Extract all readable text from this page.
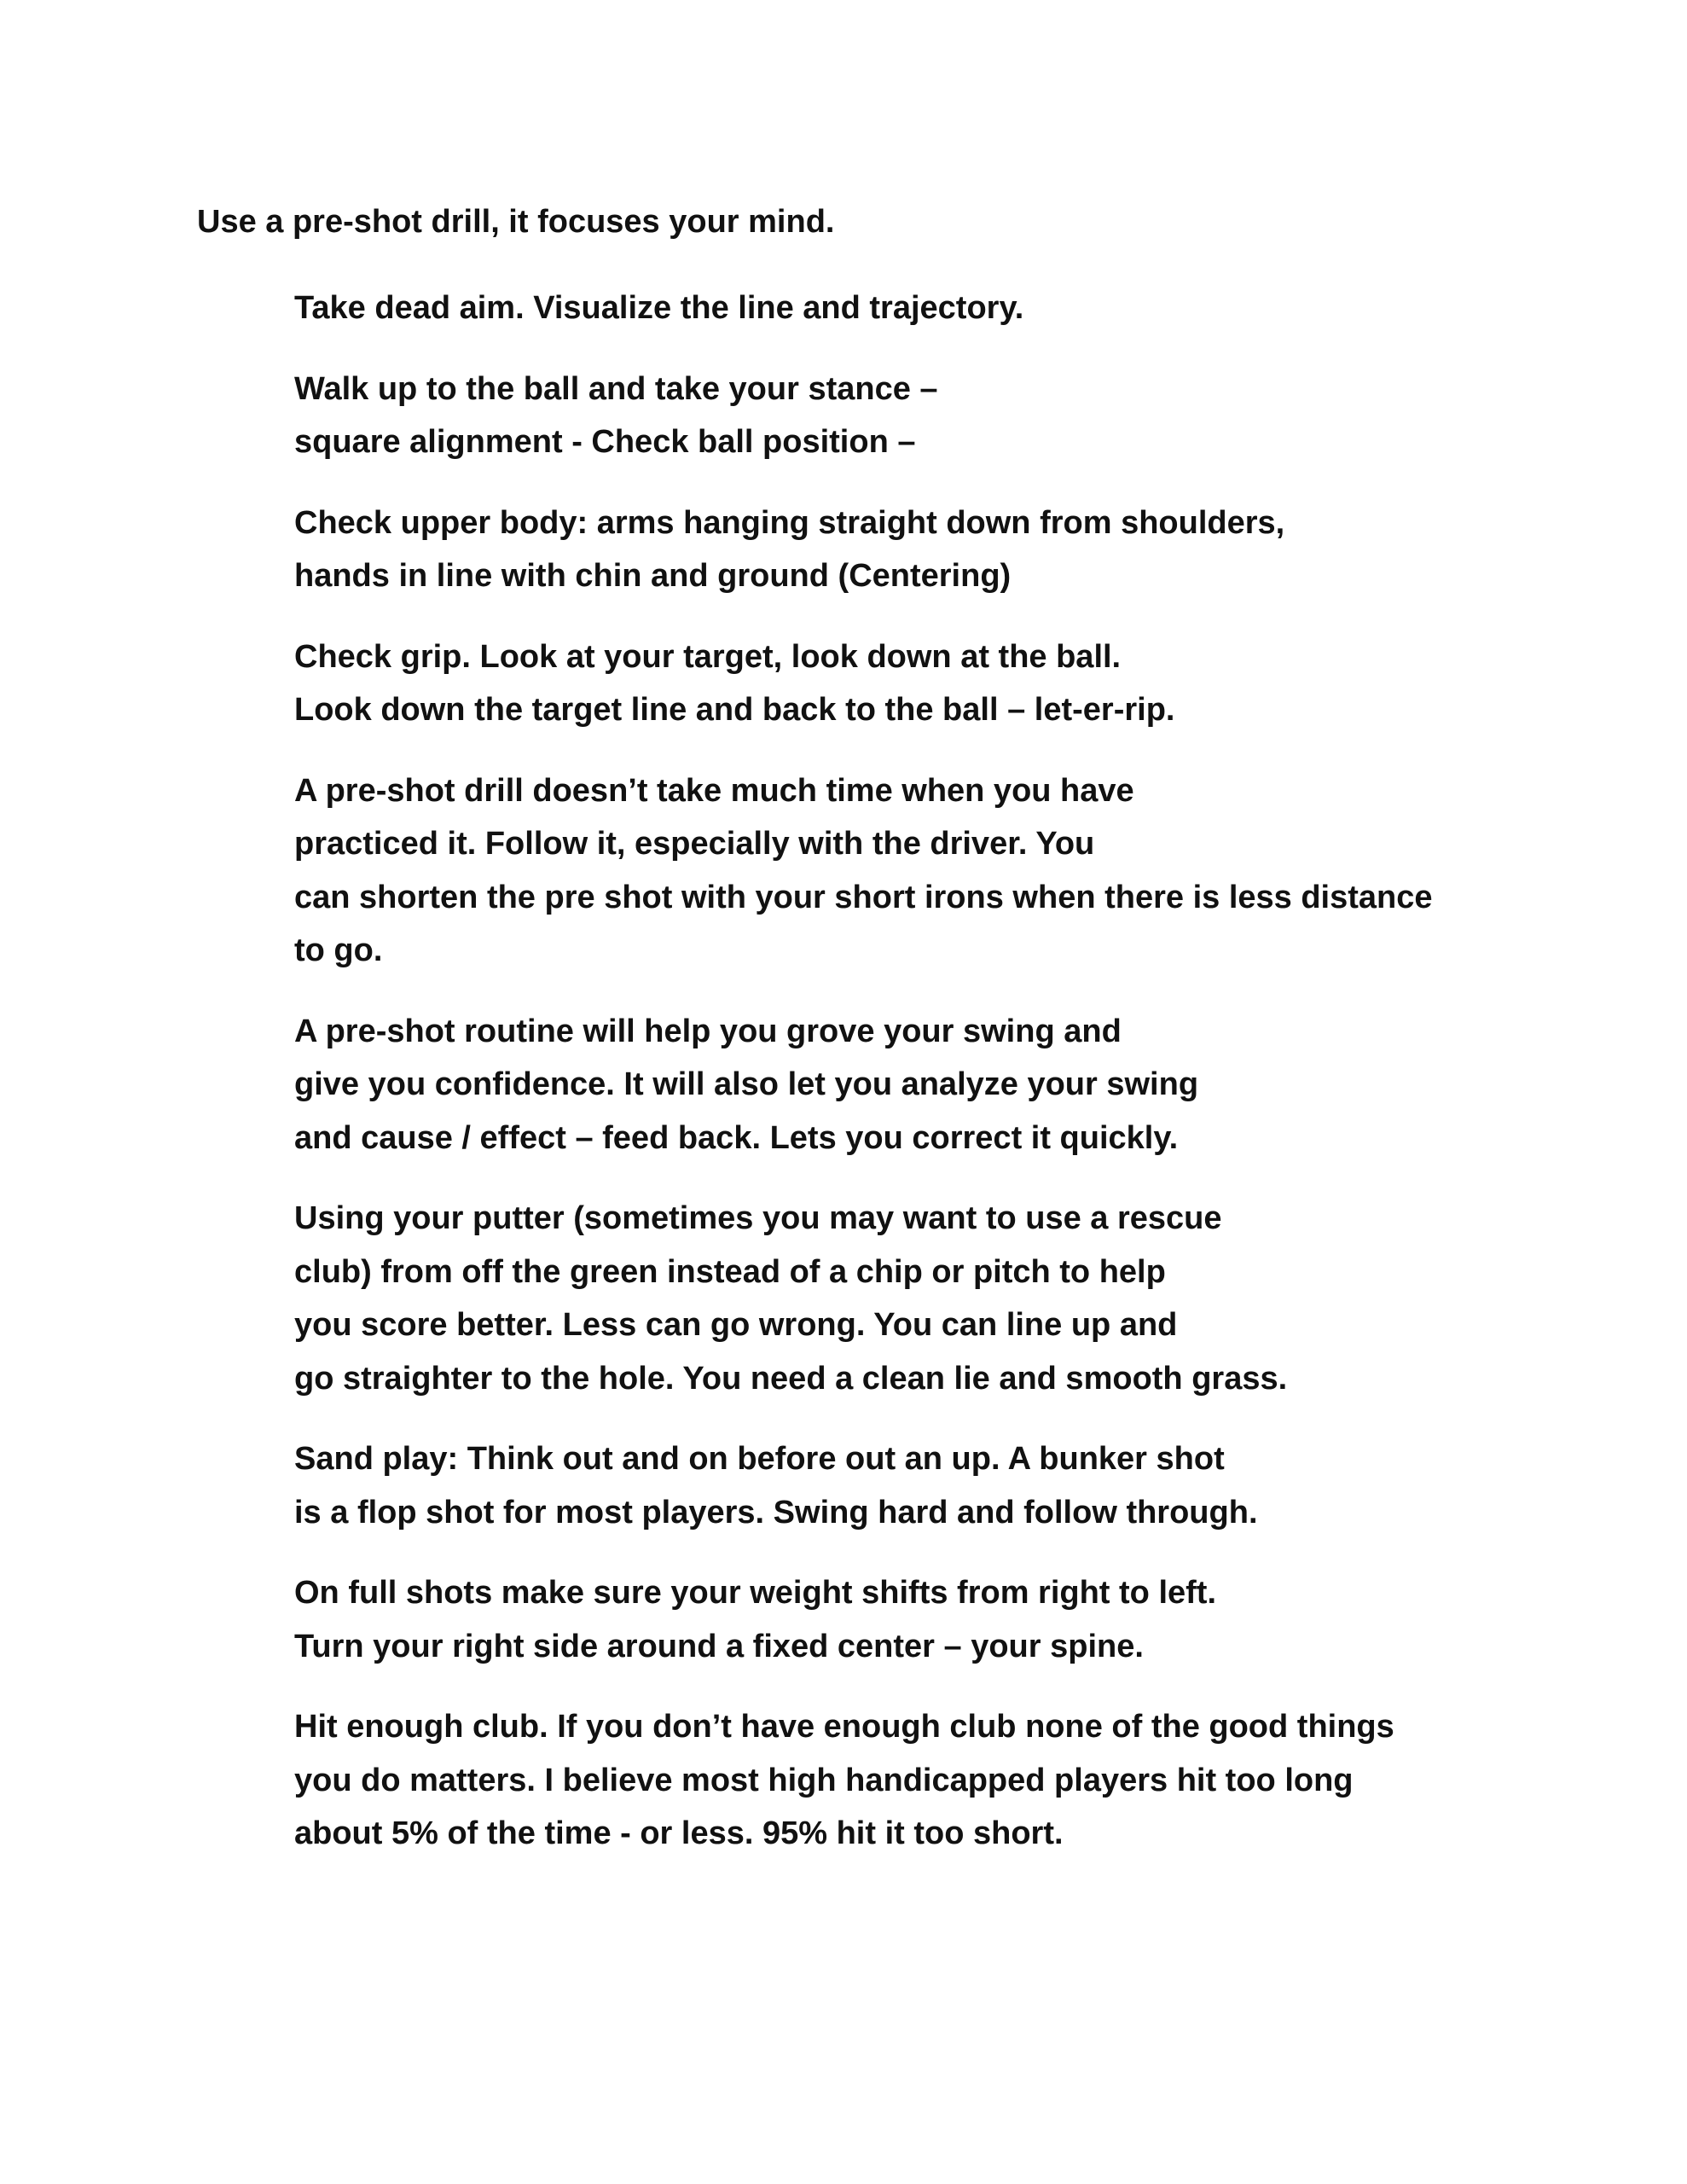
Use a pre-shot drill, it focuses your mind.

Take dead aim. Visualize the line and trajectory.

Walk up to the ball and take your stance –
square alignment - Check ball position –

Check upper body: arms hanging straight down from shoulders,
hands in line with chin and ground (Centering)

Check grip. Look at your target, look down at the ball.
Look down the target line and back to the ball – let-er-rip.

A pre-shot drill doesn’t take much time when you have
practiced it. Follow it, especially with the driver. You
can shorten the pre shot with your short irons when there is less distance
to go.

A pre-shot routine will help you grove your swing and
give you confidence. It will also let you analyze your swing
and cause / effect – feed back. Lets you correct it quickly.

Using your putter (sometimes you may want to use a rescue
club) from off the green instead of a chip or pitch to help
you score better. Less can go wrong. You can line up and
go straighter to the hole. You need a clean lie and smooth grass.

Sand play: Think out and on before out an up. A bunker shot
is a flop shot for most players. Swing hard and follow through.

On full shots make sure your weight shifts from right to left.
Turn your right side around a fixed center – your spine.

Hit enough club. If you don’t have enough club none of the good things
you do matters. I believe most high handicapped players hit too long
about 5% of the time - or less. 95% hit it too short.
